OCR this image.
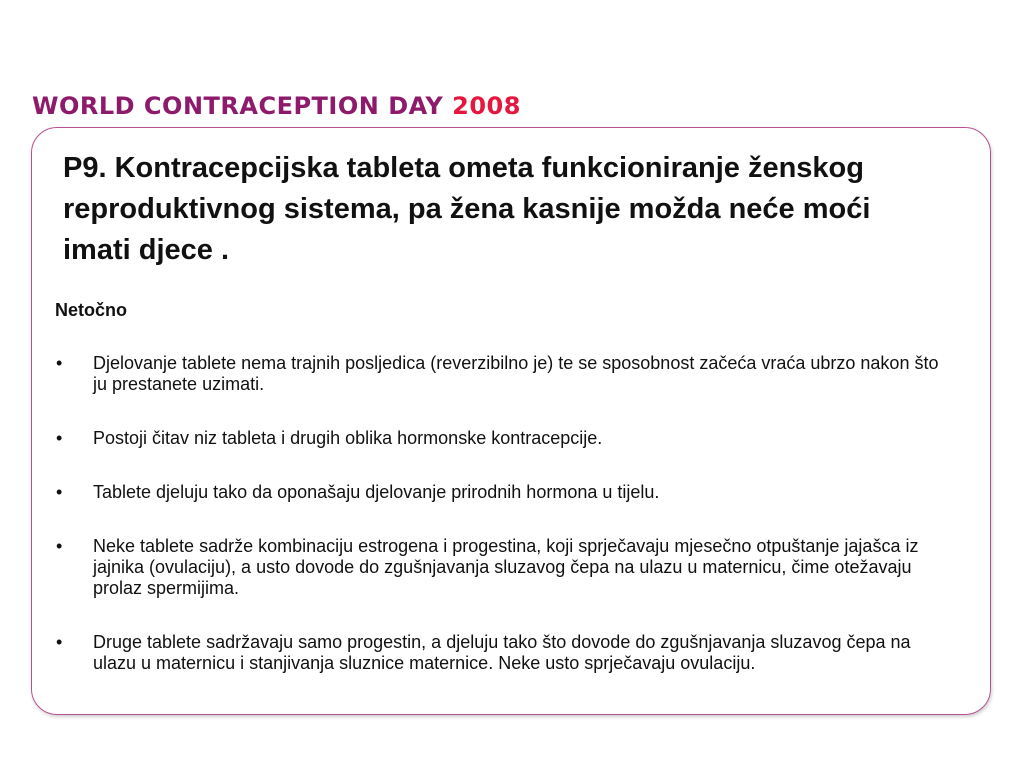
WORLD CONTRACEPTION DAY 2008
P9. Kontracepcijska tableta ometa funkcioniranje ženskog reproduktivnog sistema, pa žena kasnije možda neće moći imati djece .

Netočno

• Djelovanje tablete nema trajnih posljedica (reverzibilno je) te se sposobnost začeća vraća ubrzo nakon što ju prestanete uzimati.
• Postoji čitav niz tableta i drugih oblika hormonske kontracepcije.
• Tablete djeluju tako da oponašaju djelovanje prirodnih hormona u tijelu.
• Neke tablete sadrže kombinaciju estrogena i progestina, koji sprječavaju mjesečno otpuštanje jajašca iz jajnika (ovulaciju), a usto dovode do zgušnjavanja sluzavog čepa na ulazu u maternicu, čime otežavaju prolaz spermijima.
• Druge tablete sadržavaju samo progestin, a djeluju tako što dovode do zgušnjavanja sluzavog čepa na ulazu u maternicu i stanjivanja sluznice maternice. Neke usto sprječavaju ovulaciju.
